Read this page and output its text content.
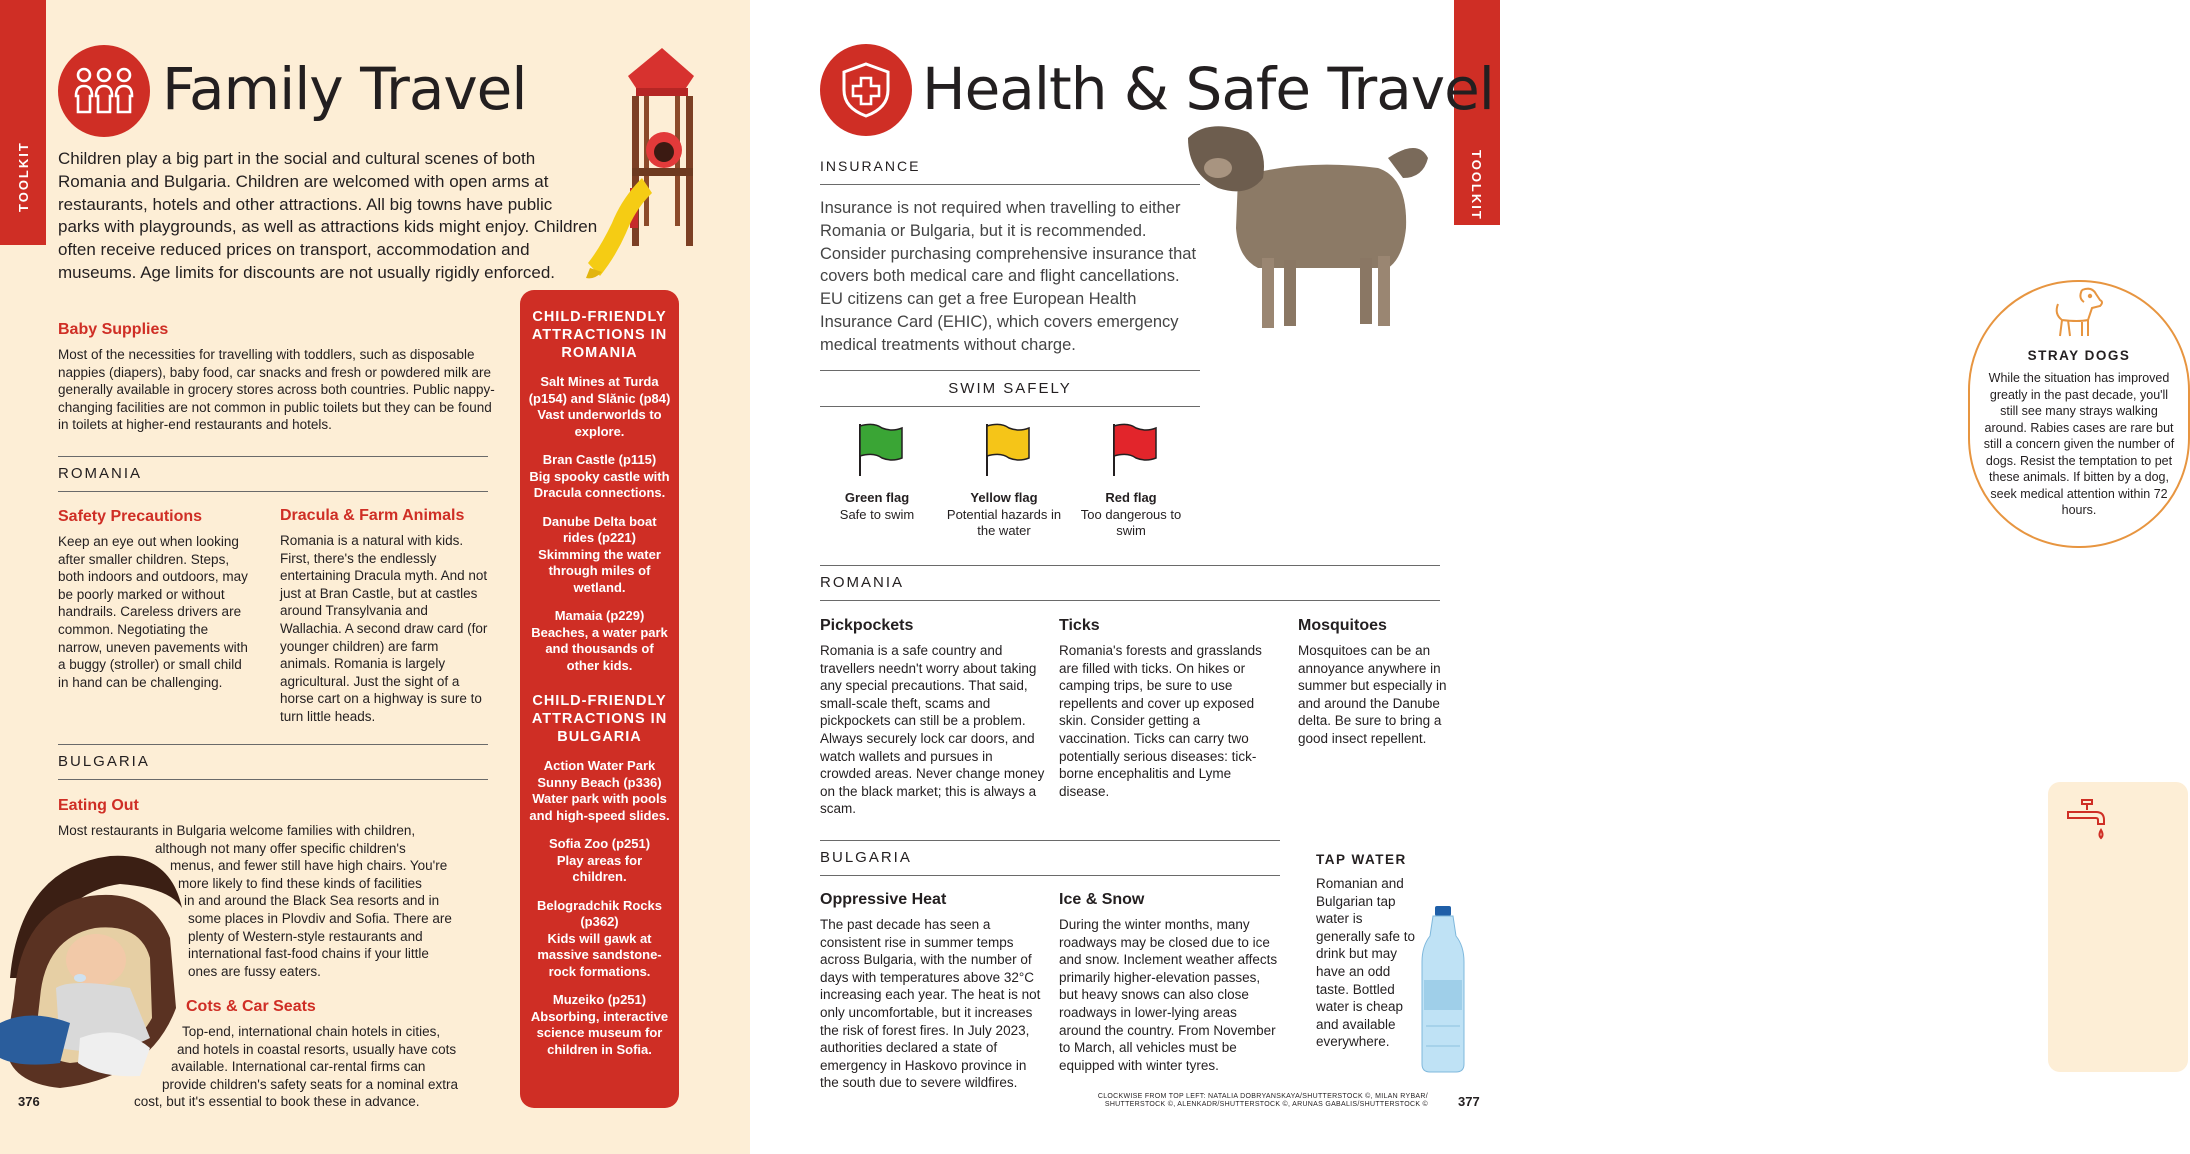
TOOLKIT
Family Travel
Children play a big part in the social and cultural scenes of both Romania and Bulgaria. Children are welcomed with open arms at restaurants, hotels and other attractions. All big towns have public parks with playgrounds, as well as attractions kids might enjoy. Children often receive reduced prices on transport, accommodation and museums. Age limits for discounts are not usually rigidly enforced.
Baby Supplies
Most of the necessities for travelling with toddlers, such as disposable nappies (diapers), baby food, car snacks and fresh or powdered milk are generally available in grocery stores across both countries. Public nappy-changing facilities are not common in public toilets but they can be found in toilets at higher-end restaurants and hotels.
ROMANIA
Safety Precautions
Keep an eye out when looking after smaller children. Steps, both indoors and outdoors, may be poorly marked or without handrails. Careless drivers are common. Negotiating the narrow, uneven pavements with a buggy (stroller) or small child in hand can be challenging.
Dracula & Farm Animals
Romania is a natural with kids. First, there's the endlessly entertaining Dracula myth. And not just at Bran Castle, but at castles around Transylvania and Wallachia. A second draw card (for younger children) are farm animals. Romania is largely agricultural. Just the sight of a horse cart on a highway is sure to turn little heads.
BULGARIA
Eating Out
Most restaurants in Bulgaria welcome families with children,
although not many offer specific children's
menus, and fewer still have high chairs. You're
more likely to find these kinds of facilities
in and around the Black Sea resorts and in
some places in Plovdiv and Sofia. There are
plenty of Western-style restaurants and
international fast-food chains if your little
ones are fussy eaters.
Cots & Car Seats
Top-end, international chain hotels in cities,
and hotels in coastal resorts, usually have cots
available. International car-rental firms can
provide children's safety seats for a nominal extra
cost, but it's essential to book these in advance.
CHILD-FRIENDLY ATTRACTIONS IN ROMANIA
Salt Mines at Turda (p154) and Slănic (p84)
Vast underworlds to explore.
Bran Castle (p115)
Big spooky castle with Dracula connections.
Danube Delta boat rides (p221)
Skimming the water through miles of wetland.
Mamaia (p229)
Beaches, a water park and thousands of other kids.
CHILD-FRIENDLY ATTRACTIONS IN BULGARIA
Action Water Park Sunny Beach (p336)
Water park with pools and high-speed slides.
Sofia Zoo (p251)
Play areas for children.
Belogradchik Rocks (p362)
Kids will gawk at massive sandstone-rock formations.
Muzeiko (p251)
Absorbing, interactive science museum for children in Sofia.
376
TOOLKIT
Health & Safe Travel
INSURANCE
Insurance is not required when travelling to either Romania or Bulgaria, but it is recommended. Consider purchasing comprehensive insurance that covers both medical care and flight cancellations. EU citizens can get a free European Health Insurance Card (EHIC), which covers emergency medical treatments without charge.
STRAY DOGS
While the situation has improved greatly in the past decade, you'll still see many strays walking around. Rabies cases are rare but still a concern given the number of dogs. Resist the temptation to pet these animals. If bitten by a dog, seek medical attention within 72 hours.
SWIM SAFELY
Green flag
Safe to swim
Yellow flag
Potential hazards in the water
Red flag
Too dangerous to swim
ROMANIA
Pickpockets
Romania is a safe country and travellers needn't worry about taking any special precautions. That said, small-scale theft, scams and pickpockets can still be a problem. Always securely lock car doors, and watch wallets and pursues in crowded areas. Never change money on the black market; this is always a scam.
Ticks
Romania's forests and grasslands are filled with ticks. On hikes or camping trips, be sure to use repellents and cover up exposed skin. Consider getting a vaccination. Ticks can carry two potentially serious diseases: tick-borne encephalitis and Lyme disease.
Mosquitoes
Mosquitoes can be an annoyance anywhere in summer but especially in and around the Danube delta. Be sure to bring a good insect repellent.
BULGARIA
Oppressive Heat
The past decade has seen a consistent rise in summer temps across Bulgaria, with the number of days with temperatures above 32°C increasing each year. The heat is not only uncomfortable, but it increases the risk of forest fires. In July 2023, authorities declared a state of emergency in Haskovo province in the south due to severe wildfires.
Ice & Snow
During the winter months, many roadways may be closed due to ice and snow. Inclement weather affects primarily higher-elevation passes, but heavy snows can also close roadways in lower-lying areas around the country. From November to March, all vehicles must be equipped with winter tyres.
TAP WATER
Romanian and Bulgarian tap water is generally safe to drink but may have an odd taste. Bottled water is cheap and available everywhere.
CLOCKWISE FROM TOP LEFT: NATALIA DOBRYANSKAYA/SHUTTERSTOCK ©, MILAN RYBAR/ SHUTTERSTOCK ©, ALENKADR/SHUTTERSTOCK ©, ARUNAS GABALIS/SHUTTERSTOCK © 377
